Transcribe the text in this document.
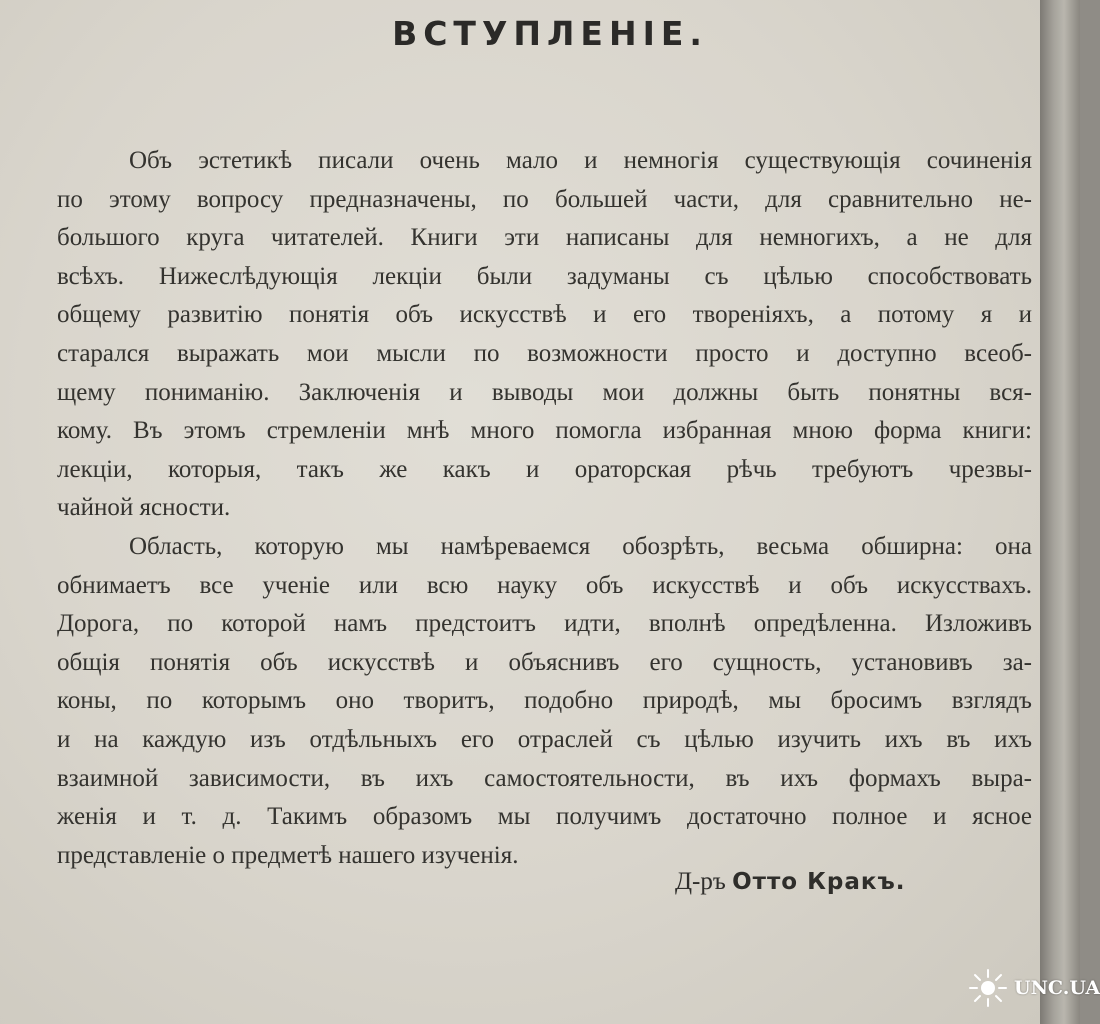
ВСТУПЛЕНІЕ.
Объ эстетикѣ писали очень мало и немногія существующія сочиненія
по этому вопросу предназначены, по большей части, для сравнительно не-
большого круга читателей. Книги эти написаны для немногихъ, а не для
всѣхъ. Нижеслѣдующія лекціи были задуманы съ цѣлью способствовать
общему развитію понятія объ искусствѣ и его твореніяхъ, а потому я и
старался выражать мои мысли по возможности просто и доступно всеоб-
щему пониманію. Заключенія и выводы мои должны быть понятны вся-
кому. Въ этомъ стремленіи мнѣ много помогла избранная мною форма книги:
лекціи, которыя, такъ же какъ и ораторская рѣчь требуютъ чрезвы-
чайной ясности.
Область, которую мы намѣреваемся обозрѣть, весьма обширна: она
обнимаетъ все ученіе или всю науку объ искусствѣ и объ искусствахъ.
Дорога, по которой намъ предстоитъ идти, вполнѣ опредѣленна. Изложивъ
общія понятія объ искусствѣ и объяснивъ его сущность, установивъ за-
коны, по которымъ оно творитъ, подобно природѣ, мы бросимъ взглядъ
и на каждую изъ отдѣльныхъ его отраслей съ цѣлью изучить ихъ въ ихъ
взаимной зависимости, въ ихъ самостоятельности, въ ихъ формахъ выра-
женія и т. д. Такимъ образомъ мы получимъ достаточно полное и ясное
представленіе о предметѣ нашего изученія.
Д-ръ Отто Кракъ.
UNC.UA
